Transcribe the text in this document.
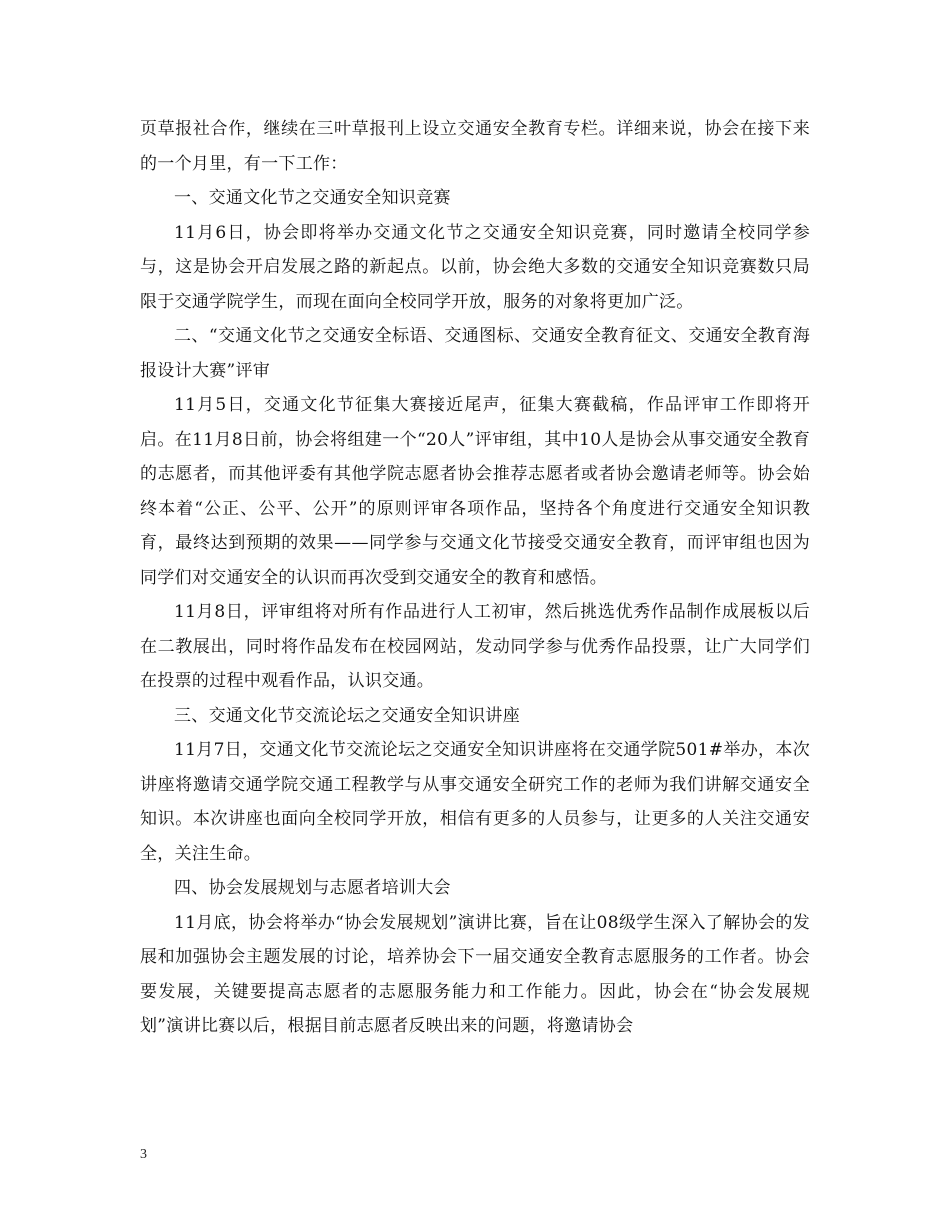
页草报社合作，继续在三叶草报刊上设立交通安全教育专栏。详细来说，协会在接下来的一个月里，有一下工作：

一、交通文化节之交通安全知识竞赛

11月6日，协会即将举办交通文化节之交通安全知识竞赛，同时邀请全校同学参与，这是协会开启发展之路的新起点。以前，协会绝大多数的交通安全知识竞赛数只局限于交通学院学生，而现在面向全校同学开放，服务的对象将更加广泛。

二、“交通文化节之交通安全标语、交通图标、交通安全教育征文、交通安全教育海报设计大赛”评审

11月5日，交通文化节征集大赛接近尾声，征集大赛截稿，作品评审工作即将开启。在11月8日前，协会将组建一个“20人”评审组，其中10人是协会从事交通安全教育的志愿者，而其他评委有其他学院志愿者协会推荐志愿者或者协会邀请老师等。协会始终本着“公正、公平、公开”的原则评审各项作品，坚持各个角度进行交通安全知识教育，最终达到预期的效果——同学参与交通文化节接受交通安全教育，而评审组也因为同学们对交通安全的认识而再次受到交通安全的教育和感悟。

11月8日，评审组将对所有作品进行人工初审，然后挑选优秀作品制作成展板以后在二教展出，同时将作品发布在校园网站，发动同学参与优秀作品投票，让广大同学们在投票的过程中观看作品，认识交通。

三、交通文化节交流论坛之交通安全知识讲座

11月7日，交通文化节交流论坛之交通安全知识讲座将在交通学院501#举办，本次讲座将邀请交通学院交通工程教学与从事交通安全研究工作的老师为我们讲解交通安全知识。本次讲座也面向全校同学开放，相信有更多的人员参与，让更多的人关注交通安全，关注生命。

四、协会发展规划与志愿者培训大会

11月底，协会将举办“协会发展规划”演讲比赛，旨在让08级学生深入了解协会的发展和加强协会主题发展的讨论，培养协会下一届交通安全教育志愿服务的工作者。协会要发展，关键要提高志愿者的志愿服务能力和工作能力。因此，协会在“协会发展规划”演讲比赛以后，根据目前志愿者反映出来的问题，将邀请协会

3
